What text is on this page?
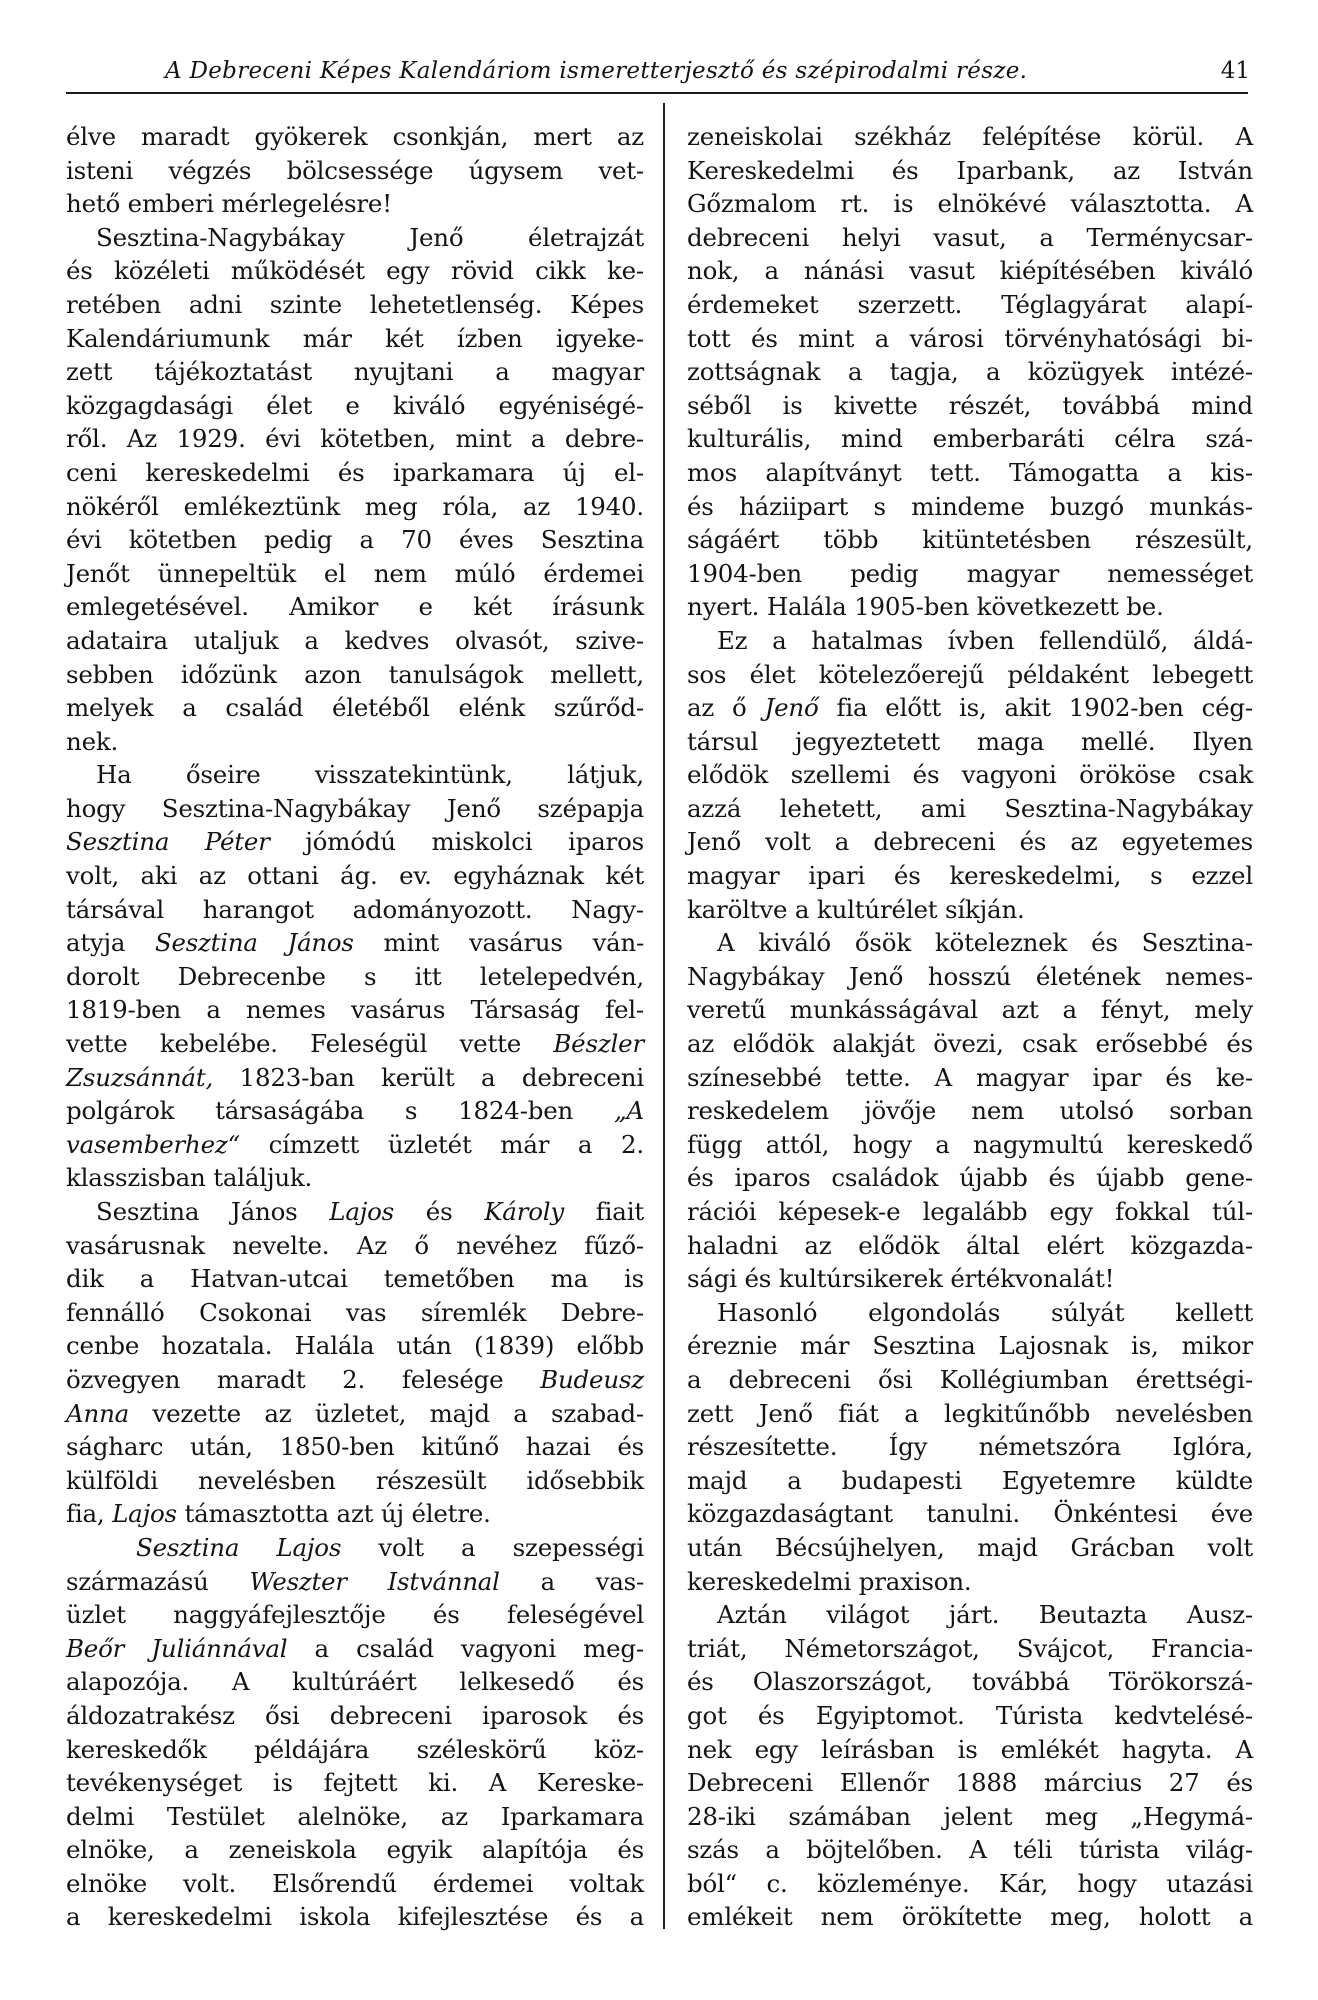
A Debreceni Képes Kalendáriom ismeretterjesztő és szépirodalmi része.	41
élve maradt gyökerek csonkján, mert az
isteni végzés bölcsessége úgysem vet-
hető emberi mérlegelésre!
Sesztina-Nagybákay Jenő életrajzát
és közéleti működését egy rövid cikk ke-
retében adni szinte lehetetlenség. Képes
Kalendáriumunk már két ízben igyeke-
zett tájékoztatást nyujtani a magyar
közgagdasági élet e kiváló egyéniségé-
ről. Az 1929. évi kötetben, mint a debre-
ceni kereskedelmi és iparkamara új el-
nökéről emlékeztünk meg róla, az 1940.
évi kötetben pedig a 70 éves Sesztina
Jenőt ünnepeltük el nem múló érdemei
emlegetésével. Amikor e két írásunk
adataira utaljuk a kedves olvasót, szive-
sebben időzünk azon tanulságok mellett,
melyek a család életéből elénk szűrőd-
nek.
Ha őseire visszatekintünk, látjuk,
hogy Sesztina-Nagybákay Jenő szépapja
Sesztina Péter jómódú miskolci iparos
volt, aki az ottani ág. ev. egyháznak két
társával harangot adományozott. Nagy-
atyja Sesztina János mint vasárus ván-
dorolt Debrecenbe s itt letelepedvén,
1819-ben a nemes vasárus Társaság fel-
vette kebelébe. Feleségül vette Bészler
Zsuzsánnát, 1823-ban került a debreceni
polgárok társaságába s 1824-ben „A
vasemberhez“ címzett üzletét már a 2.
klasszisban találjuk.
Sesztina János Lajos és Károly fiait
vasárusnak nevelte. Az ő nevéhez fűző-
dik a Hatvan-utcai temetőben ma is
fennálló Csokonai vas síremlék Debre-
cenbe hozatala. Halála után (1839) előbb
özvegyen maradt 2. felesége Budeusz
Anna vezette az üzletet, majd a szabad-
ságharc után, 1850-ben kitűnő hazai és
külföldi nevelésben részesült idősebbik
fia, Lajos támasztotta azt új életre.
Sesztina Lajos volt a szepességi
származású Weszter Istvánnal a vas-
üzlet naggyáfejlesztője és feleségével
Beőr Juliánnával a család vagyoni meg-
alapozója. A kultúráért lelkesedő és
áldozatrakész ősi debreceni iparosok és
kereskedők példájára széleskörű köz-
tevékenységet is fejtett ki. A Kereske-
delmi Testület alelnöke, az Iparkamara
elnöke, a zeneiskola egyik alapítója és
elnöke volt. Elsőrendű érdemei voltak
a kereskedelmi iskola kifejlesztése és a
zeneiskolai székház felépítése körül. A
Kereskedelmi és Iparbank, az István
Gőzmalom rt. is elnökévé választotta. A
debreceni helyi vasut, a Terménycsar-
nok, a nánási vasut kiépítésében kiváló
érdemeket szerzett. Téglagyárat alapí-
tott és mint a városi törvényhatósági bi-
zottságnak a tagja, a közügyek intézé-
séből is kivette részét, továbbá mind
kulturális, mind emberbaráti célra szá-
mos alapítványt tett. Támogatta a kis-
és háziipart s mindeme buzgó munkás-
ságáért több kitüntetésben részesült,
1904-ben pedig magyar nemességet
nyert. Halála 1905-ben következett be.
Ez a hatalmas ívben fellendülő, áldá-
sos élet kötelezőerejű példaként lebegett
az ő Jenő fia előtt is, akit 1902-ben cég-
társul jegyeztetett maga mellé. Ilyen
elődök szellemi és vagyoni örököse csak
azzá lehetett, ami Sesztina-Nagybákay
Jenő volt a debreceni és az egyetemes
magyar ipari és kereskedelmi, s ezzel
karöltve a kultúrélet síkján.
A kiváló ősök köteleznek és Sesztina-
Nagybákay Jenő hosszú életének nemes-
veretű munkásságával azt a fényt, mely
az elődök alakját övezi, csak erősebbé és
színesebbé tette. A magyar ipar és ke-
reskedelem jövője nem utolsó sorban
függ attól, hogy a nagymultú kereskedő
és iparos családok újabb és újabb gene-
rációi képesek-e legalább egy fokkal túl-
haladni az elődök által elért közgazda-
sági és kultúrsikerek értékvonalát!
Hasonló elgondolás súlyát kellett
éreznie már Sesztina Lajosnak is, mikor
a debreceni ősi Kollégiumban érettségi-
zett Jenő fiát a legkitűnőbb nevelésben
részesítette. Így németszóra Iglóra,
majd a budapesti Egyetemre küldte
közgazdaságtant tanulni. Önkéntesi éve
után Bécsújhelyen, majd Grácban volt
kereskedelmi praxison.
Aztán világot járt. Beutazta Ausz-
triát, Németországot, Svájcot, Francia-
és Olaszországot, továbbá Törökorszá-
got és Egyiptomot. Túrista kedvtelésé-
nek egy leírásban is emlékét hagyta. A
Debreceni Ellenőr 1888 március 27 és
28-iki számában jelent meg „Hegymá-
szás a böjtelőben. A téli túrista világ-
ból“ c. közleménye. Kár, hogy utazási
emlékeit nem örökítette meg, holott a
